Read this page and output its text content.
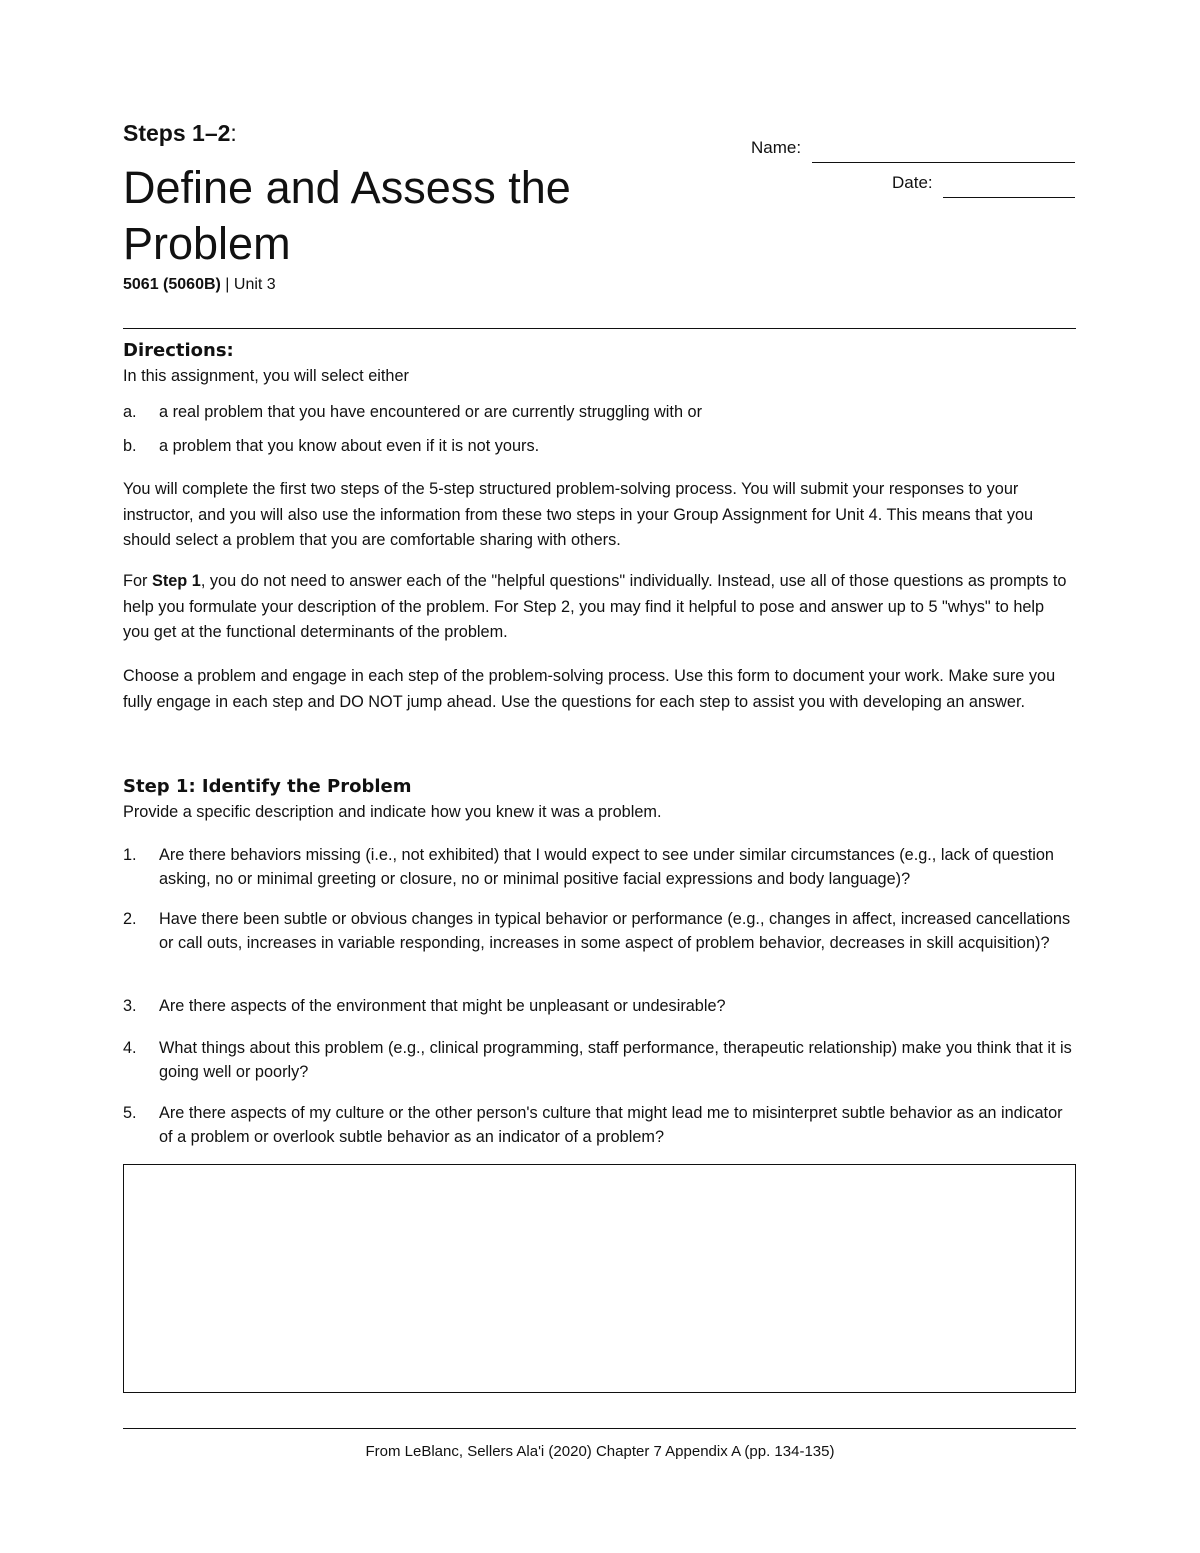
Steps 1–2:
Define and Assess the Problem
5061 (5060B) | Unit 3
Name:
Date:
Directions:
In this assignment, you will select either
a. a real problem that you have encountered or are currently struggling with or
b. a problem that you know about even if it is not yours.
You will complete the first two steps of the 5-step structured problem-solving process. You will submit your responses to your instructor, and you will also use the information from these two steps in your Group Assignment for Unit 4. This means that you should select a problem that you are comfortable sharing with others.
For Step 1, you do not need to answer each of the "helpful questions" individually. Instead, use all of those questions as prompts to help you formulate your description of the problem. For Step 2, you may find it helpful to pose and answer up to 5 "whys" to help you get at the functional determinants of the problem.
Choose a problem and engage in each step of the problem-solving process. Use this form to document your work. Make sure you fully engage in each step and DO NOT jump ahead. Use the questions for each step to assist you with developing an answer.
Step 1: Identify the Problem
Provide a specific description and indicate how you knew it was a problem.
1. Are there behaviors missing (i.e., not exhibited) that I would expect to see under similar circumstances (e.g., lack of question asking, no or minimal greeting or closure, no or minimal positive facial expressions and body language)?
2. Have there been subtle or obvious changes in typical behavior or performance (e.g., changes in affect, increased cancellations or call outs, increases in variable responding, increases in some aspect of problem behavior, decreases in skill acquisition)?
3. Are there aspects of the environment that might be unpleasant or undesirable?
4. What things about this problem (e.g., clinical programming, staff performance, therapeutic relationship) make you think that it is going well or poorly?
5. Are there aspects of my culture or the other person's culture that might lead me to misinterpret subtle behavior as an indicator of a problem or overlook subtle behavior as an indicator of a problem?
From LeBlanc, Sellers Ala'i (2020) Chapter 7 Appendix A (pp. 134-135)
